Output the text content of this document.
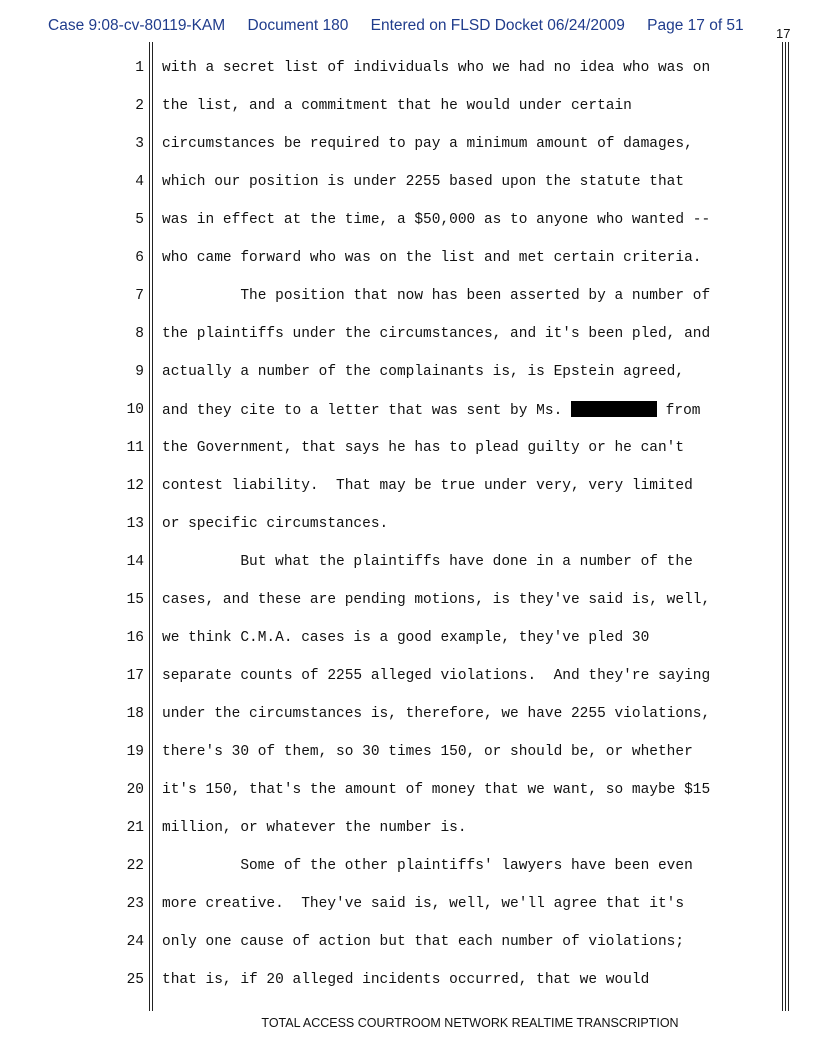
Case 9:08-cv-80119-KAM Document 180 Entered on FLSD Docket 06/24/2009 Page 17 of 51 17
1 with a secret list of individuals who we had no idea who was on
2 the list, and a commitment that he would under certain
3 circumstances be required to pay a minimum amount of damages,
4 which our position is under 2255 based upon the statute that
5 was in effect at the time, a $50,000 as to anyone who wanted --
6 who came forward who was on the list and met certain criteria.
7 The position that now has been asserted by a number of
8 the plaintiffs under the circumstances, and it's been pled, and
9 actually a number of the complainants is, is Epstein agreed,
10 and they cite to a letter that was sent by Ms.	from
11 the Government, that says he has to plead guilty or he can't
12 contest liability.  That may be true under very, very limited
13 or specific circumstances.
14 But what the plaintiffs have done in a number of the
15 cases, and these are pending motions, is they've said is, well,
16 we think C.M.A. cases is a good example, they've pled 30
17 separate counts of 2255 alleged violations.  And they're saying
18 under the circumstances is, therefore, we have 2255 violations,
19 there's 30 of them, so 30 times 150, or should be, or whether
20 it's 150, that's the amount of money that we want, so maybe $15
21 million, or whatever the number is.
22 Some of the other plaintiffs' lawyers have been even
23 more creative.  They've said is, well, we'll agree that it's
24 only one cause of action but that each number of violations;
25 that is, if 20 alleged incidents occurred, that we would
TOTAL ACCESS COURTROOM NETWORK REALTIME TRANSCRIPTION
